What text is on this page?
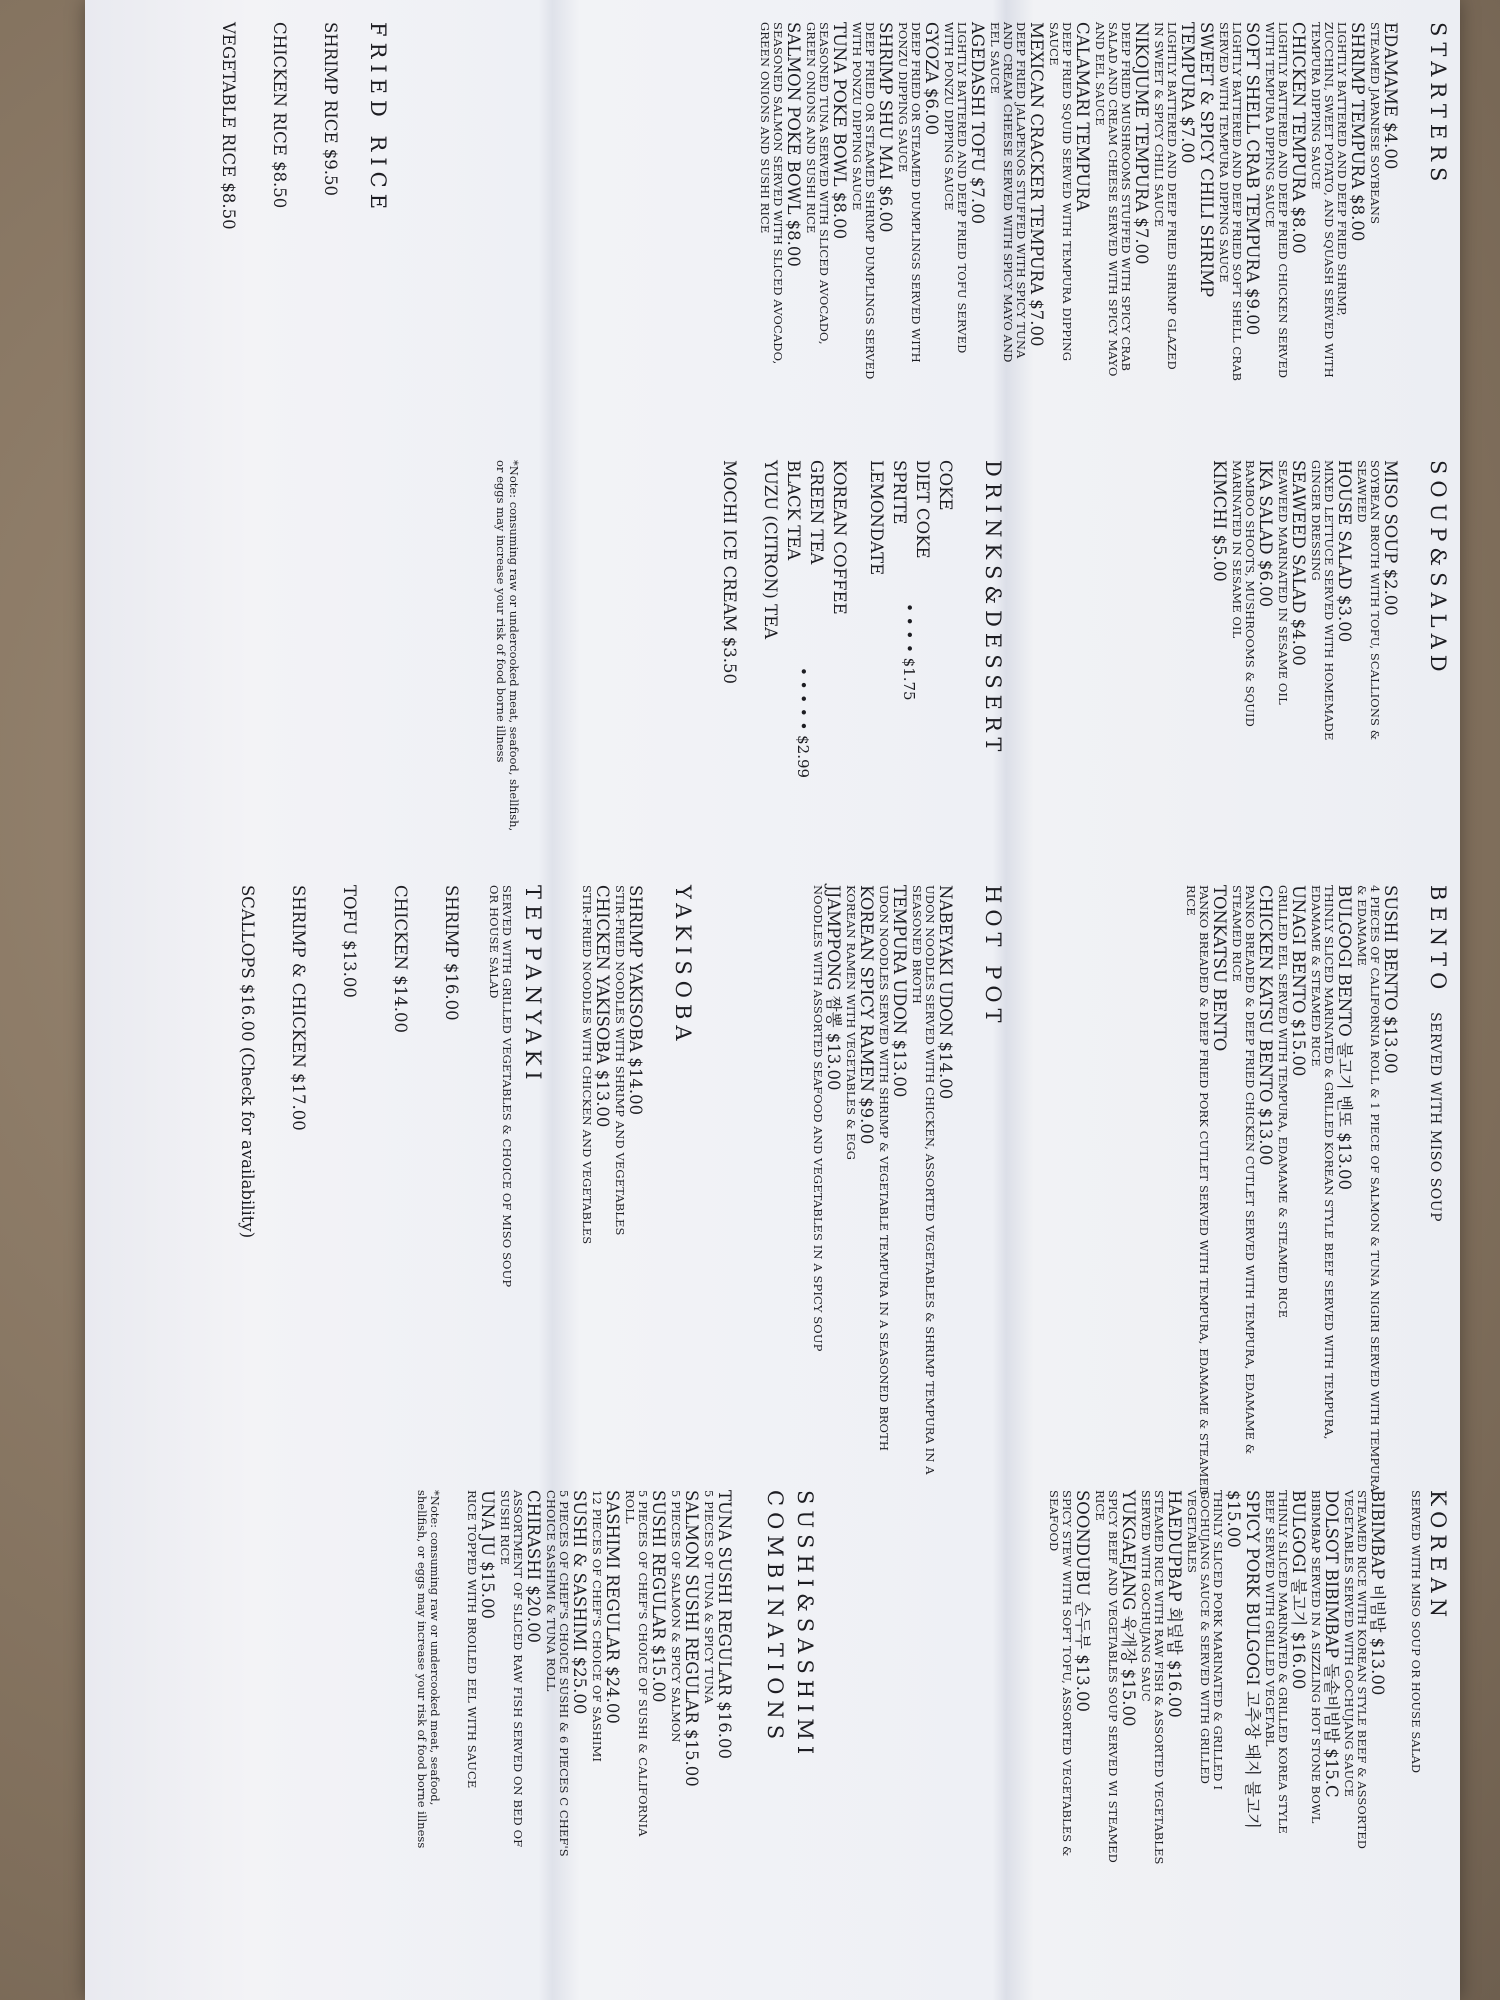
STARTERS
EDAMAME $4.00
STEAMED JAPANESE SOYBEANS
SHRIMP TEMPURA $8.00
LIGHTLY BATTERED AND DEEP FRIED SHRIMP, ZUCCHINI, SWEET POTATO, AND SQUASH SERVED WITH TEMPURA DIPPING SAUCE
CHICKEN TEMPURA $8.00
LIGHTLY BATTERED AND DEEP FRIED CHICKEN SERVED WITH TEMPURA DIPPING SAUCE
SOFT SHELL CRAB TEMPURA $9.00
LIGHTLY BATTERED AND DEEP FRIED SOFT SHELL CRAB SERVED WITH TEMPURA DIPPING SAUCE
SWEET & SPICY CHILI SHRIMP TEMPURA $7.00
LIGHTLY BATTERED AND DEEP FRIED SHRIMP GLAZED IN SWEET & SPICY CHILI SAUCE
NIKOJUME TEMPURA $7.00
DEEP FRIED MUSHROOMS STUFFED WITH SPICY CRAB SALAD AND CREAM CHEESE SERVED WITH SPICY MAYO AND EEL SAUCE
CALAMARI TEMPURA
DEEP FRIED SQUID SERVED WITH TEMPURA DIPPING SAUCE
MEXICAN CRACKER TEMPURA $7.00
DEEP FRIED JALAPENOS STUFFED WITH SPICY TUNA AND CREAM CHEESE SERVED WITH SPICY MAYO AND EEL SAUCE
AGEDASHI TOFU $7.00
LIGHTLY BATTERED AND DEEP FRIED TOFU SERVED WITH PONZU DIPPING SAUCE
GYOZA $6.00
DEEP FRIED OR STEAMED DUMPLINGS SERVED WITH PONZU DIPPING SAUCE
SHRIMP SHU MAI $6.00
DEEP FRIED OR STEAMED SHRIMP DUMPLINGS SERVED WITH PONZU DIPPING SAUCE
TUNA POKE BOWL $8.00
SEASONED TUNA SERVED WITH SLICED AVOCADO, GREEN ONIONS AND SUSHI RICE
SALMON POKE BOWL $8.00
SEASONED SALMON SERVED WITH SLICED AVOCADO, GREEN ONIONS AND SUSHI RICE
FRIED RICE
SHRIMP RICE $9.50
CHICKEN RICE $8.50
VEGETABLE RICE $8.50
SOUP&SALAD
MISO SOUP $2.00
SOYBEAN BROTH WITH TOFU, SCALLIONS & SEAWEED
HOUSE SALAD $3.00
MIXED LETTUCE SERVED WITH HOMEMADE GINGER DRESSING
SEAWEED SALAD $4.00
SEAWEED MARINATED IN SESAME OIL
IKA SALAD $6.00
BAMBOO SHOOTS, MUSHROOMS & SQUID MARINATED IN SESAME OIL
KIMCHI $5.00
DRINKS&DESSERT
COKE
DIET COKE
SPRITE
LEMONDATE
• • • • $1.75
KOREAN COFFEE
GREEN TEA
BLACK TEA
YUZU (CITRON) TEA
• • • • • $2.99
MOCHI ICE CREAM $3.50
*Note: consuming raw or undercooked meat, seafood, shellfish, or eggs may increase your risk of food borne illness
BENTO SERVED WITH MISO SOUP
SUSHI BENTO $13.00
4 PIECES OF CALIFORNIA ROLL & 1 PIECE OF SALMON & TUNA NIGIRI SERVED WITH TEMPURA & EDAMAME
BULGOGI BENTO 불고기 벤또 $13.00
THINLY SLICED MARINATED & GRILLED KOREAN STYLE BEEF SERVED WITH TEMPURA, EDAMAME & STEAMED RICE
UNAGI BENTO $15.00
GRILLED EEL SERVED WITH TEMPURA, EDAMAME & STEAMED RICE
CHICKEN KATSU BENTO $13.00
PANKO BREADED & DEEP FRIED CHICKEN CUTLET SERVED WITH TEMPURA, EDAMAME & STEAMED RICE
TONKATSU BENTO
PANKO BREADED & DEEP FRIED PORK CUTLET SERVED WITH TEMPURA, EDAMAME & STEAMED RICE
HOT POT
NABEYAKI UDON $14.00
UDON NOODLES SERVED WITH CHICKEN, ASSORTED VEGETABLES & SHRIMP TEMPURA IN A SEASONED BROTH
TEMPURA UDON $13.00
UDON NOODLES SERVED WITH SHRIMP & VEGETABLE TEMPURA IN A SEASONED BROTH
KOREAN SPICY RAMEN $9.00
KOREAN RAMEN WITH VEGETABLES & EGG
JJAMPPONG 짬뽕 $13.00
NOODLES WITH ASSORTED SEAFOOD AND VEGETABLES IN A SPICY SOUP
YAKISOBA
SHRIMP YAKISOBA $14.00
STIR-FRIED NOODLES WITH SHRIMP AND VEGETABLES
CHICKEN YAKISOBA $13.00
STIR-FRIED NOODLES WITH CHICKEN AND VEGETABLES
TEPPANYAKI
SERVED WITH GRILLED VEGETABLES & CHOICE OF MISO SOUP OR HOUSE SALAD
SHRIMP $16.00
CHICKEN $14.00
TOFU $13.00
SHRIMP & CHICKEN $17.00
SCALLOPS $16.00 (Check for availability)
KOREAN
SERVED WITH MISO SOUP OR HOUSE SALAD
BIBIMBAP 비빔밥 $13.00
STEAMED RICE WITH KOREAN STYLE BEEF & ASSORTED VEGETABLES SERVED WITH GOCHUJANG SAUCE
DOLSOT BIBIMBAP 돌솥비빔밥 $15.C
BIBIMBAP SERVED IN A SIZZLING HOT STONE BOWL
BULGOGI 불고기 $16.00
THINLY SLICED MARINATED & GRILLED KOREA STYLE BEEF SERVED WITH GRILLED VEGETABL
SPICY PORK BULGOGI 고추장 돼지 불고기 $15.00
THINLY SLICED PORK MARINATED & GRILLED I GOCHUJANG SAUCE & SERVED WITH GRILLED VEGETABLES
HAEDUPBAP 회덮밥 $16.00
STEAMED RICE WITH RAW FISH & ASSORTED VEGETABLES SERVED WITH GOCHUJANG SAUC
YUKGAEJANG 육개장 $15.00
SPICY BEEF AND VEGETABLES SOUP SERVED WI STEAMED RICE
SOONDUBU 순두부 $13.00
SPICY STEW WITH SOFT TOFU, ASSORTED VEGETABLES & SEAFOOD
SUSHI&SASHIMI
COMBINATIONS
TUNA SUSHI REGULAR $16.00
5 PIECES OF TUNA & SPICY TUNA
SALMON SUSHI REGULAR $15.00
5 PIECES OF SALMON & SPICY SALMON
SUSHI REGULAR $15.00
5 PIECES OF CHEF'S CHOICE OF SUSHI & CALIFORNIA ROLL
SASHIMI REGULAR $24.00
12 PIECES OF CHEF'S CHOICE OF SASHIMI
SUSHI & SASHIMI $25.00
5 PIECES OF CHEF'S CHOICE SUSHI & 6 PIECES C CHEF'S CHOICE SASHIMI & TUNA ROLL
CHIRASHI $20.00
ASSORTMENT OF SLICED RAW FISH SERVED ON BED OF SUSHI RICE
UNA JU $15.00
RICE TOPPED WITH BROILED EEL WITH SAUCE
*Note: consuming raw or undercooked meat, seafood, shellfish, or eggs may increase your risk of food borne illness
